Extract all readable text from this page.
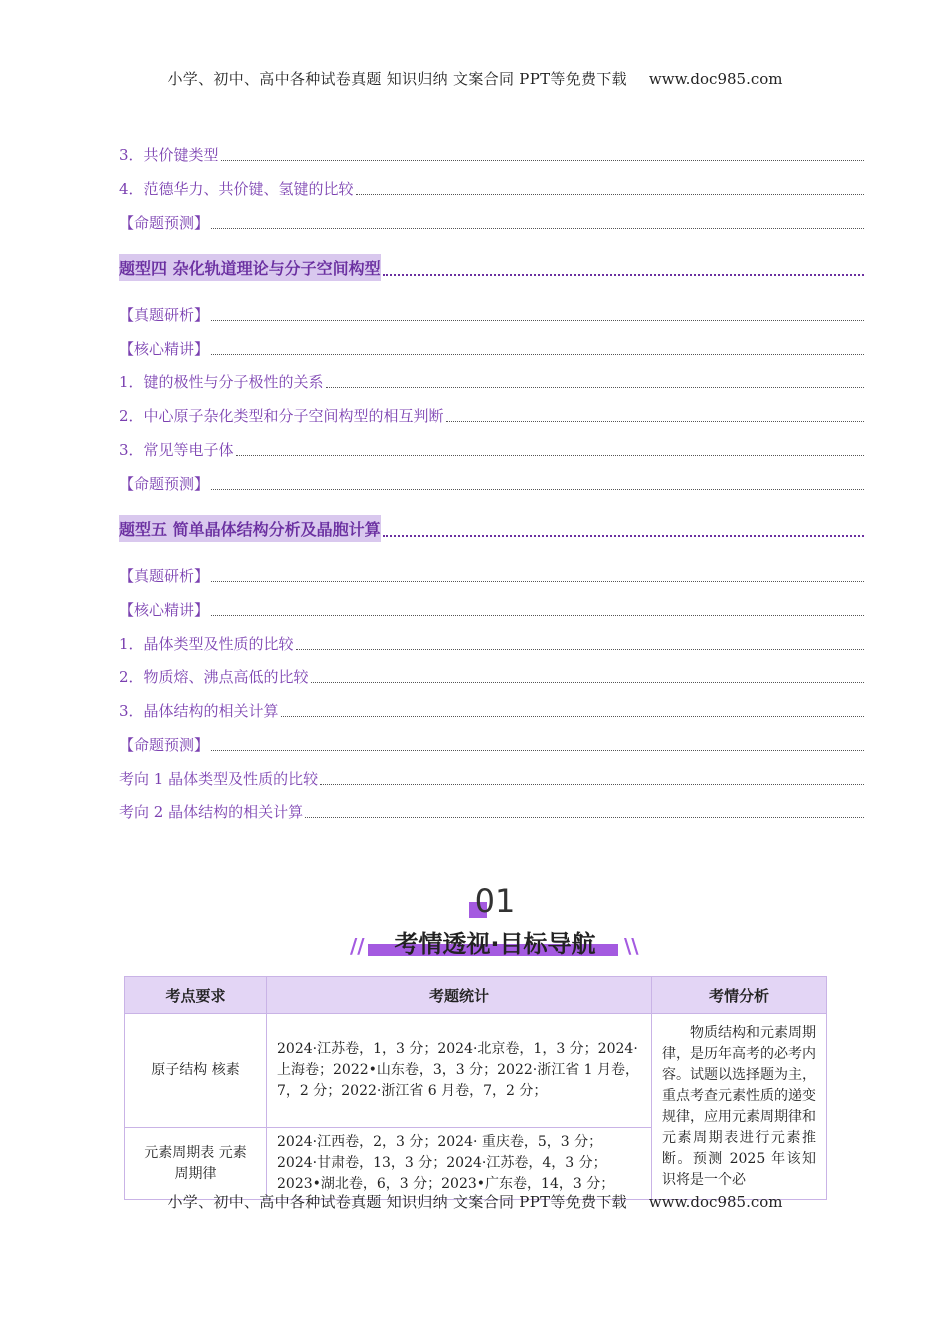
小学、初中、高中各种试卷真题 知识归纳 文案合同 PPT等免费下载 www.doc985.com
3．共价键类型
4．范德华力、共价键、氢键的比较
【命题预测】
题型四 杂化轨道理论与分子空间构型
【真题研析】
【核心精讲】
1．键的极性与分子极性的关系
2．中心原子杂化类型和分子空间构型的相互判断
3．常见等电子体
【命题预测】
题型五 简单晶体结构分析及晶胞计算
【真题研析】
【核心精讲】
1．晶体类型及性质的比较
2．物质熔、沸点高低的比较
3．晶体结构的相关计算
【命题预测】
考向 1 晶体类型及性质的比较
考向 2 晶体结构的相关计算
01
//	\\
考情透视·目标导航
考点要求	考题统计	考情分析
原子结构 核素	2024·江苏卷，1，3 分；2024·北京卷，1，3 分；2024·上海卷；2022•山东卷，3，3 分；2022·浙江省 1 月卷，7，2 分；2022·浙江省 6 月卷，7，2 分；	物质结构和元素周期律，是历年高考的必考内容。试题以选择题为主，重点考查元素性质的递变规律，应用元素周期律和元素周期表进行元素推断。预测 2025 年该知识将是一个必
元素周期表 元素周期律	2024·江西卷，2，3 分；2024· 重庆卷，5，3 分；2024·甘肃卷，13，3 分；2024·江苏卷，4，3 分；2023•湖北卷，6，3 分；2023•广东卷，14，3 分；	
小学、初中、高中各种试卷真题 知识归纳 文案合同 PPT等免费下载 www.doc985.com
